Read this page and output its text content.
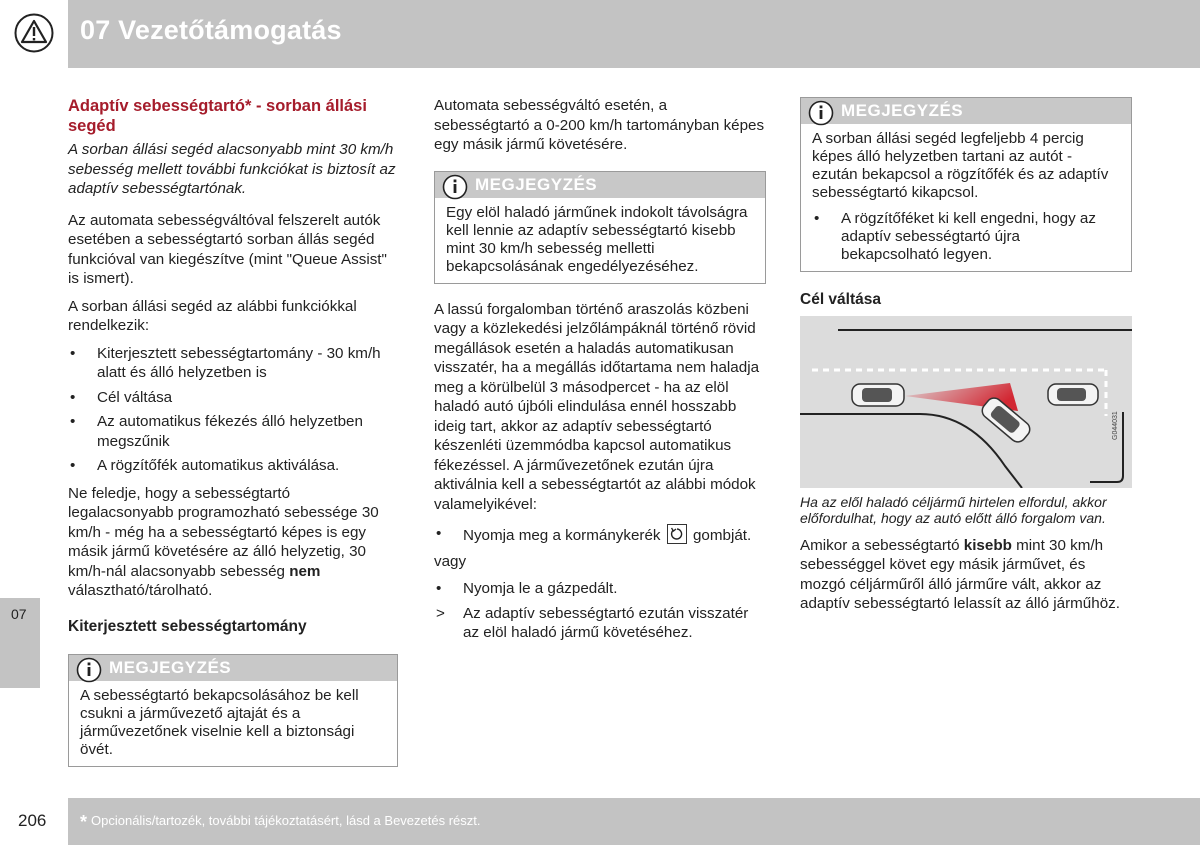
07 Vezetőtámogatás
07
Adaptív sebességtartó* - sorban állási segéd

A sorban állási segéd alacsonyabb mint 30 km/h sebesség mellett további funkciókat is biztosít az adaptív sebességtartónak.

Az automata sebességváltóval felszerelt autók esetében a sebességtartó sorban állás segéd funkcióval van kiegészítve (mint "Queue Assist" is ismert).

A sorban állási segéd az alábbi funkciókkal rendelkezik:

• Kiterjesztett sebességtartomány - 30 km/h alatt és álló helyzetben is
• Cél váltása
• Az automatikus fékezés álló helyzetben megszűnik
• A rögzítőfék automatikus aktiválása.

Ne feledje, hogy a sebességtartó legalacsonyabb programozható sebessége 30 km/h - még ha a sebességtartó képes is egy másik jármű követésére az álló helyzetig, 30 km/h-nál alacsonyabb sebesség nem választható/tárolható.

Kiterjesztett sebességtartomány
MEGJEGYZÉS
A sebességtartó bekapcsolásához be kell csukni a járművezető ajtaját és a járművezetőnek viselnie kell a biztonsági övét.

Automata sebességváltó esetén, a sebességtartó a 0-200 km/h tartományban képes egy másik jármű követésére.

MEGJEGYZÉS
Egy elöl haladó járműnek indokolt távolságra kell lennie az adaptív sebességtartó kisebb mint 30 km/h sebesség melletti bekapcsolásának engedélyezéséhez.

A lassú forgalomban történő araszolás közbeni vagy a közlekedési jelzőlámpáknál történő rövid megállások esetén a haladás automatikusan visszatér, ha a megállás időtartama nem haladja meg a körülbelül 3 másodpercet - ha az elöl haladó autó újbóli elindulása ennél hosszabb ideig tart, akkor az adaptív sebességtartó készenléti üzemmódba kapcsol automatikus fékezéssel. A járművezetőnek ezután újra aktiválnia kell a sebességtartót az alábbi módok valamelyikével:

• Nyomja meg a kormánykerék gombját.

vagy

• Nyomja le a gázpedált.
> Az adaptív sebességtartó ezután visszatér az elöl haladó jármű követéséhez.
MEGJEGYZÉS
A sorban állási segéd legfeljebb 4 percig képes álló helyzetben tartani az autót - ezután bekapcsol a rögzítőfék és az adaptív sebességtartó kikapcsol.
• A rögzítőféket ki kell engedni, hogy az adaptív sebességtartó újra bekapcsolható legyen.
Cél váltása
G044031
Ha az elől haladó céljármű hirtelen elfordul, akkor előfordulhat, hogy az autó előtt álló forgalom van.

Amikor a sebességtartó kisebb mint 30 km/h sebességgel követ egy másik járművet, és mozgó céljárműről álló járműre vált, akkor az adaptív sebességtartó lelassít az álló járműhöz.

206 * Opcionális/tartozék, további tájékoztatásért, lásd a Bevezetés részt.
